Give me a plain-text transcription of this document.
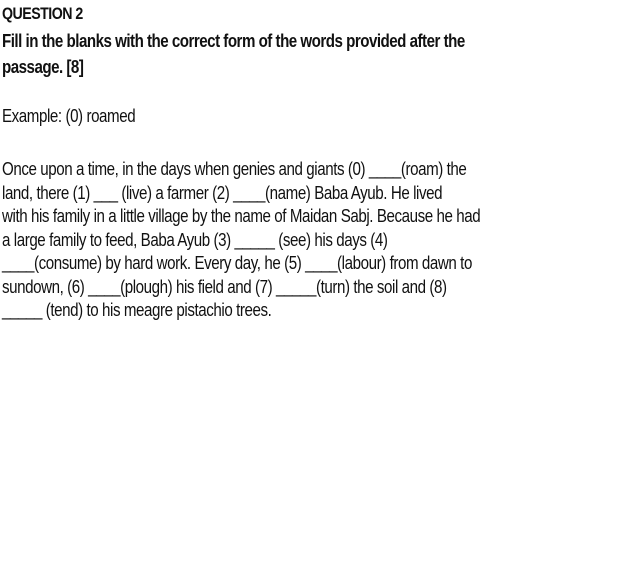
QUESTION 2
Fill in the blanks with the correct form of the words provided after the
passage. [8]
Example: (0) roamed
Once upon a time, in the days when genies and giants (0) ____(roam) the
land, there (1) ___ (live) a farmer (2) ____(name) Baba Ayub. He lived
with his family in a little village by the name of Maidan Sabj. Because he had
a large family to feed, Baba Ayub (3) _____ (see) his days (4)
____(consume) by hard work. Every day, he (5) ____(labour) from dawn to
sundown, (6) ____(plough) his field and (7) _____(turn) the soil and (8)
_____ (tend) to his meagre pistachio trees.
